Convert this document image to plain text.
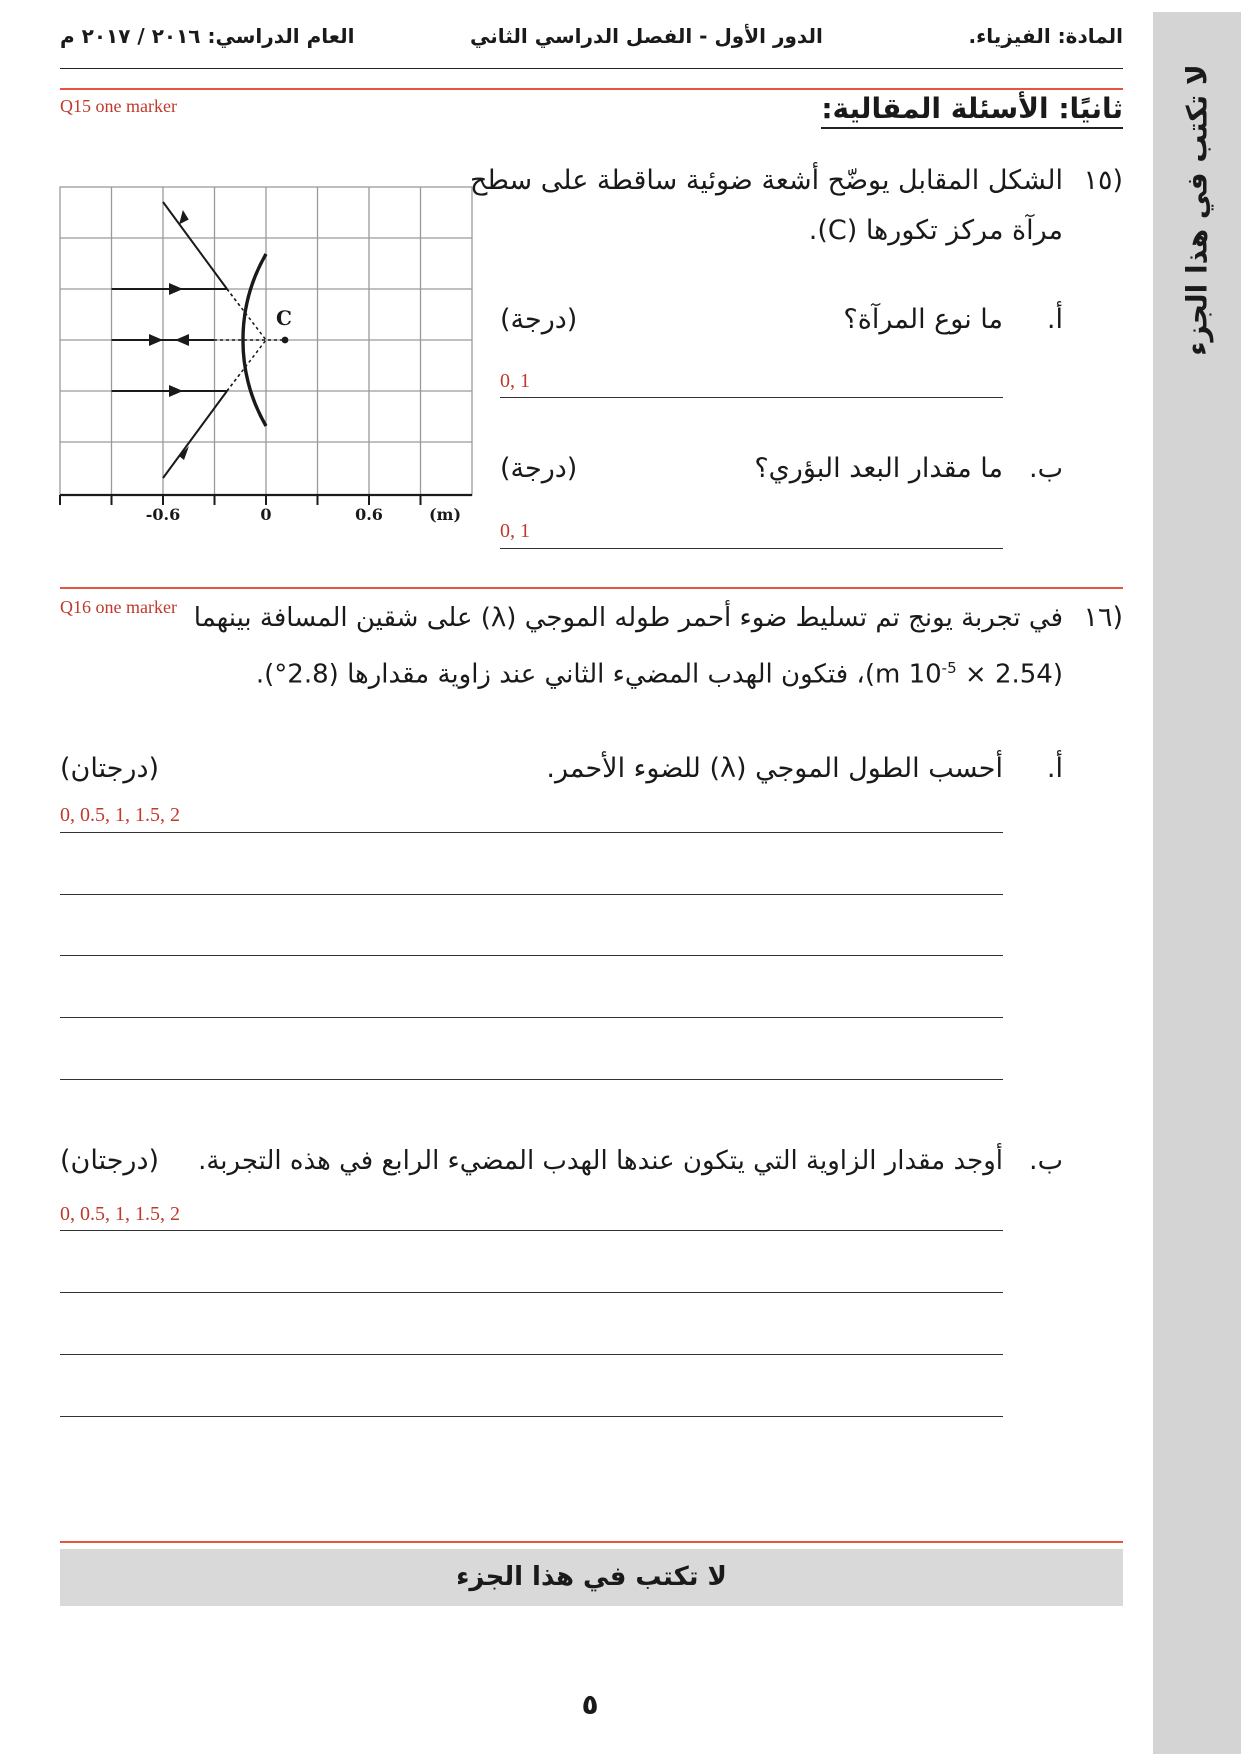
لا تكتب في هذا الجزء
المادة: الفيزياء.
الدور الأول - الفصل الدراسي الثاني
العام الدراسي: ٢٠١٦ / ٢٠١٧ م
ثانيًا: الأسئلة المقالية:
Q15 one marker
١٥)
الشكل المقابل يوضّح أشعة ضوئية ساقطة على سطح
مرآة مركز تكورها (C).
أ.
ما نوع المرآة؟
(درجة)
0, 1
ب.
ما مقدار البعد البؤري؟
(درجة)
0, 1
C
-0.6	0	0.6	(m)
Q16 one marker	١٦)
في تجربة يونج تم تسليط ضوء أحمر طوله الموجي (λ) على شقين المسافة بينهما
($2.54 \times 10^{-5}$ m)، فتكون الهدب المضيء الثاني عند زاوية مقدارها (2.8°).
أ.
أحسب الطول الموجي (λ) للضوء الأحمر.
(درجتان)
0, 0.5, 1, 1.5, 2
ب.
أوجد مقدار الزاوية التي يتكون عندها الهدب المضيء الرابع في هذه التجربة.
(درجتان)
0, 0.5, 1, 1.5, 2
لا تكتب في هذا الجزء
٥
